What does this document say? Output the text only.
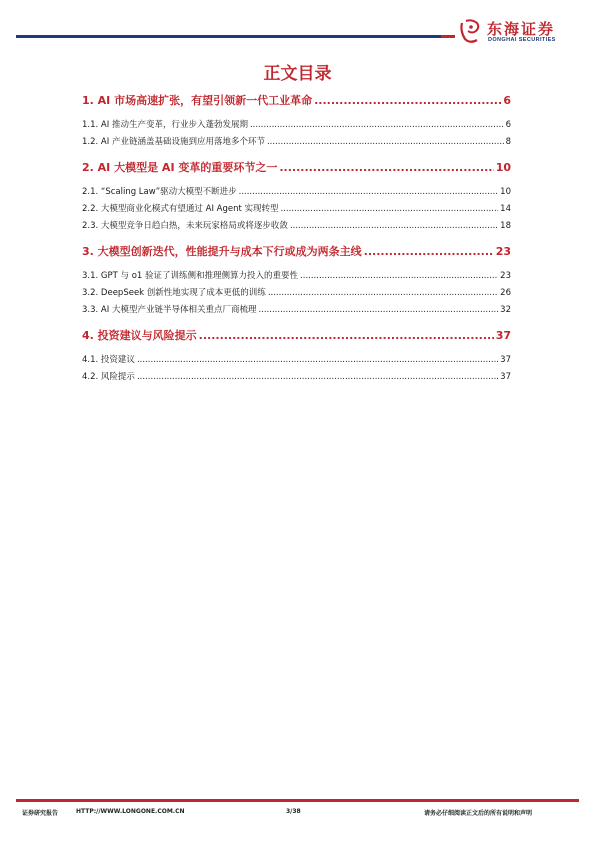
东海证券
DONGHAI SECURITIES
正文目录
1. AI 市场高速扩张，有望引领新一代工业革命 .....	6
1.1. AI 推动生产变革，行业步入蓬勃发展期 .....	6
1.2. AI 产业链涵盖基础设施到应用落地多个环节 .....	8
2. AI 大模型是 AI 变革的重要环节之一 .....	10
2.1. “Scaling Law”驱动大模型不断进步 .....	10
2.2. 大模型商业化模式有望通过 AI Agent 实现转型 .....	14
2.3. 大模型竞争日趋白热，未来玩家格局或将逐步收敛 .....	18
3. 大模型创新迭代，性能提升与成本下行或成为两条主线 .....	23
3.1. GPT 与 o1 验证了训练侧和推理侧算力投入的重要性 .....	23
3.2. DeepSeek 创新性地实现了成本更低的训练 .....	26
3.3. AI 大模型产业链半导体相关重点厂商梳理 .....	32
4. 投资建议与风险提示 .....	37
4.1. 投资建议 .....	37
4.2. 风险提示 .....	37
证券研究报告	HTTP://WWW.LONGONE.COM.CN	3/38	请务必仔细阅读正文后的所有说明和声明
